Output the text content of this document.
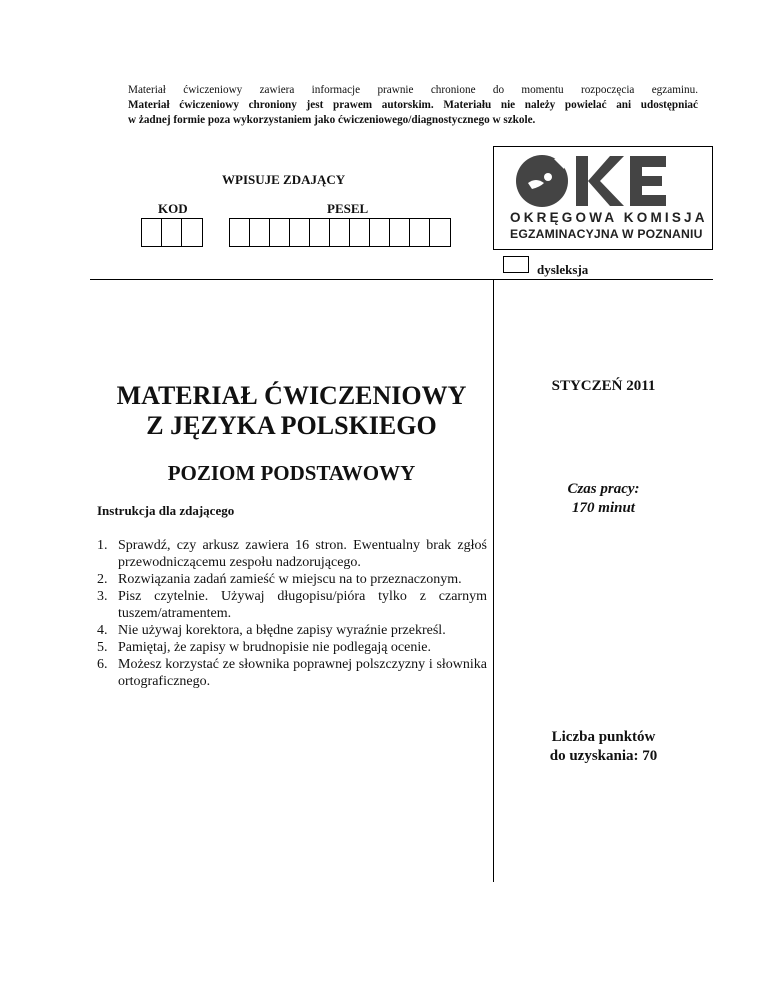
Materiał ćwiczeniowy zawiera informacje prawnie chronione do momentu rozpoczęcia egzaminu.
Materiał ćwiczeniowy chroniony jest prawem autorskim. Materiału nie należy powielać ani udostępniać
w żadnej formie poza wykorzystaniem jako ćwiczeniowego/diagnostycznego w szkole.
WPISUJE ZDAJĄCY
KOD	PESEL
OKRĘGOWA KOMISJA
EGZAMINACYJNA W POZNANIU
dysleksja
MATERIAŁ ĆWICZENIOWY
Z JĘZYKA POLSKIEGO
POZIOM PODSTAWOWY
Instrukcja dla zdającego
1. Sprawdź, czy arkusz zawiera 16 stron. Ewentualny brak zgłoś przewodniczącemu zespołu nadzorującego.
2. Rozwiązania zadań zamieść w miejscu na to przeznaczonym.
3. Pisz czytelnie. Używaj długopisu/pióra tylko z czarnym tuszem/atramentem.
4. Nie używaj korektora, a błędne zapisy wyraźnie przekreśl.
5. Pamiętaj, że zapisy w brudnopisie nie podlegają ocenie.
6. Możesz korzystać ze słownika poprawnej polszczyzny i słownika ortograficznego.
STYCZEŃ 2011
Czas pracy:
170 minut
Liczba punktów
do uzyskania: 70
